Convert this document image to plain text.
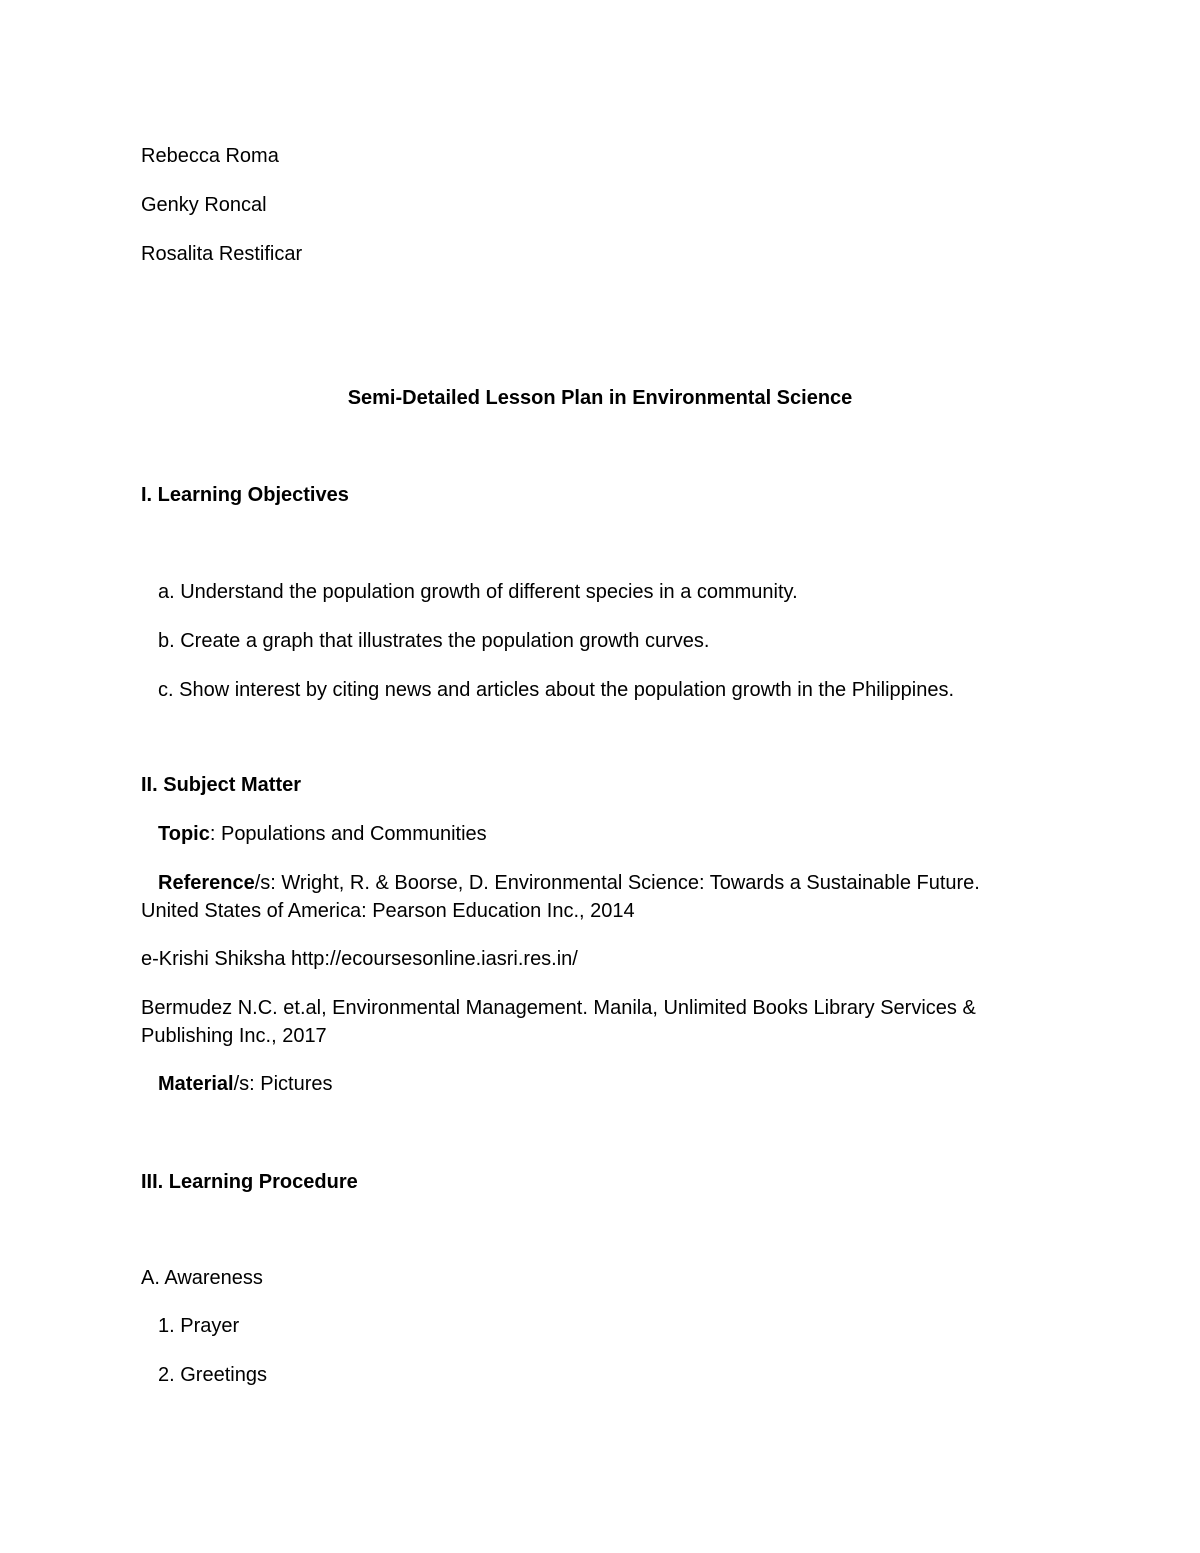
Rebecca Roma
Genky Roncal
Rosalita Restificar
Semi-Detailed Lesson Plan in Environmental Science
I. Learning Objectives
a. Understand the population growth of different species in a community.
b. Create a graph that illustrates the population growth curves.
c. Show interest by citing news and articles about the population growth in the Philippines.
II. Subject Matter
Topic: Populations and Communities
Reference/s: Wright, R. & Boorse, D. Environmental Science: Towards a Sustainable Future.
United States of America: Pearson Education Inc., 2014
e-Krishi Shiksha http://ecoursesonline.iasri.res.in/
Bermudez N.C. et.al, Environmental Management. Manila, Unlimited Books Library Services &
Publishing Inc., 2017
Material/s: Pictures
III. Learning Procedure
A. Awareness
1. Prayer
2. Greetings
